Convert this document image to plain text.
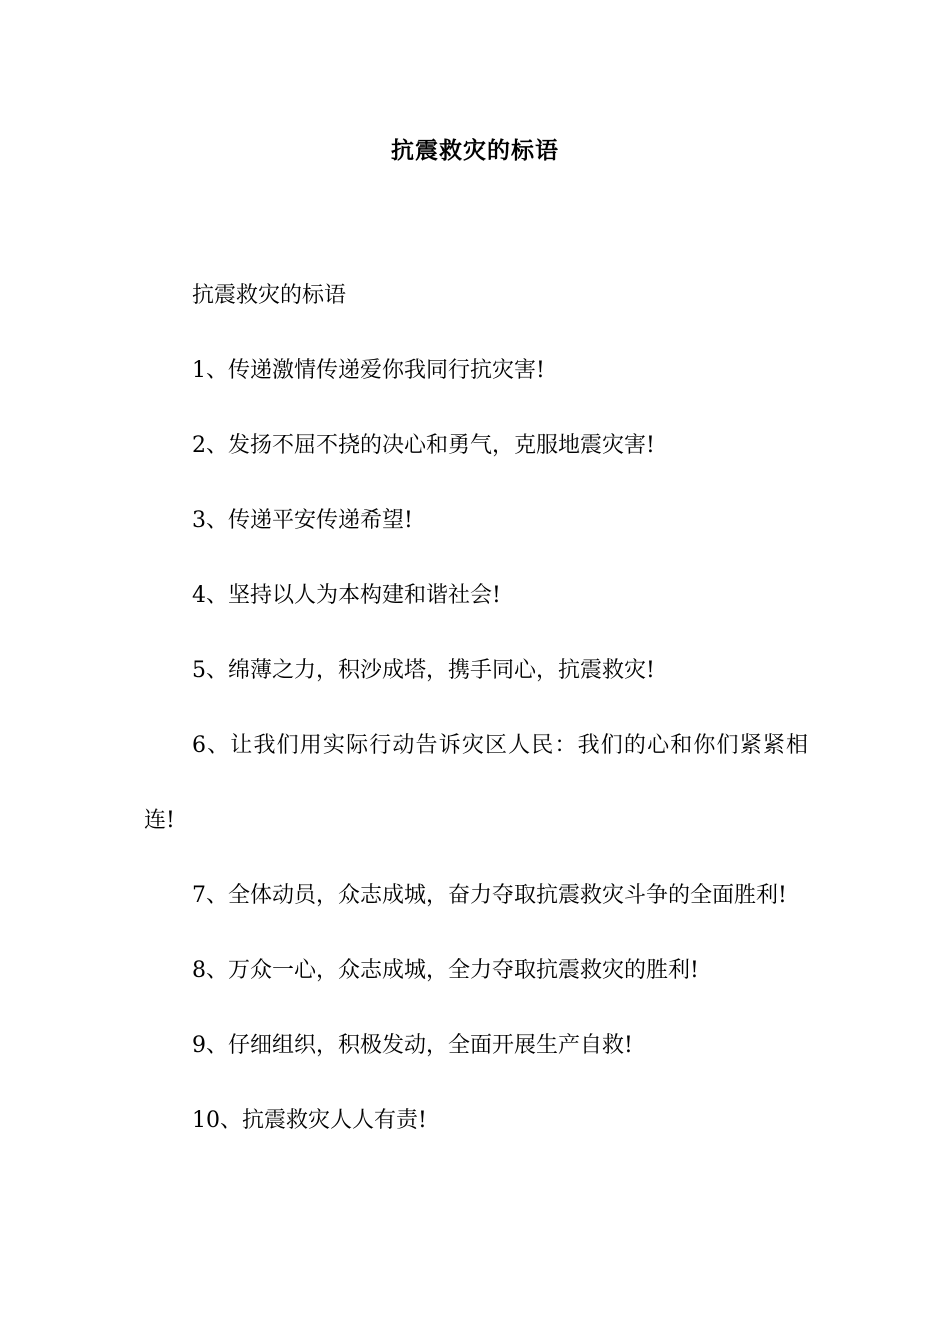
抗震救灾的标语

抗震救灾的标语

1、传递激情传递爱你我同行抗灾害!

2、发扬不屈不挠的决心和勇气，克服地震灾害!

3、传递平安传递希望!

4、坚持以人为本构建和谐社会!

5、绵薄之力，积沙成塔，携手同心，抗震救灾!

6、让我们用实际行动告诉灾区人民：我们的心和你们紧紧相连!

7、全体动员，众志成城，奋力夺取抗震救灾斗争的全面胜利!

8、万众一心，众志成城，全力夺取抗震救灾的胜利!

9、仔细组织，积极发动，全面开展生产自救!

10、抗震救灾人人有责!
